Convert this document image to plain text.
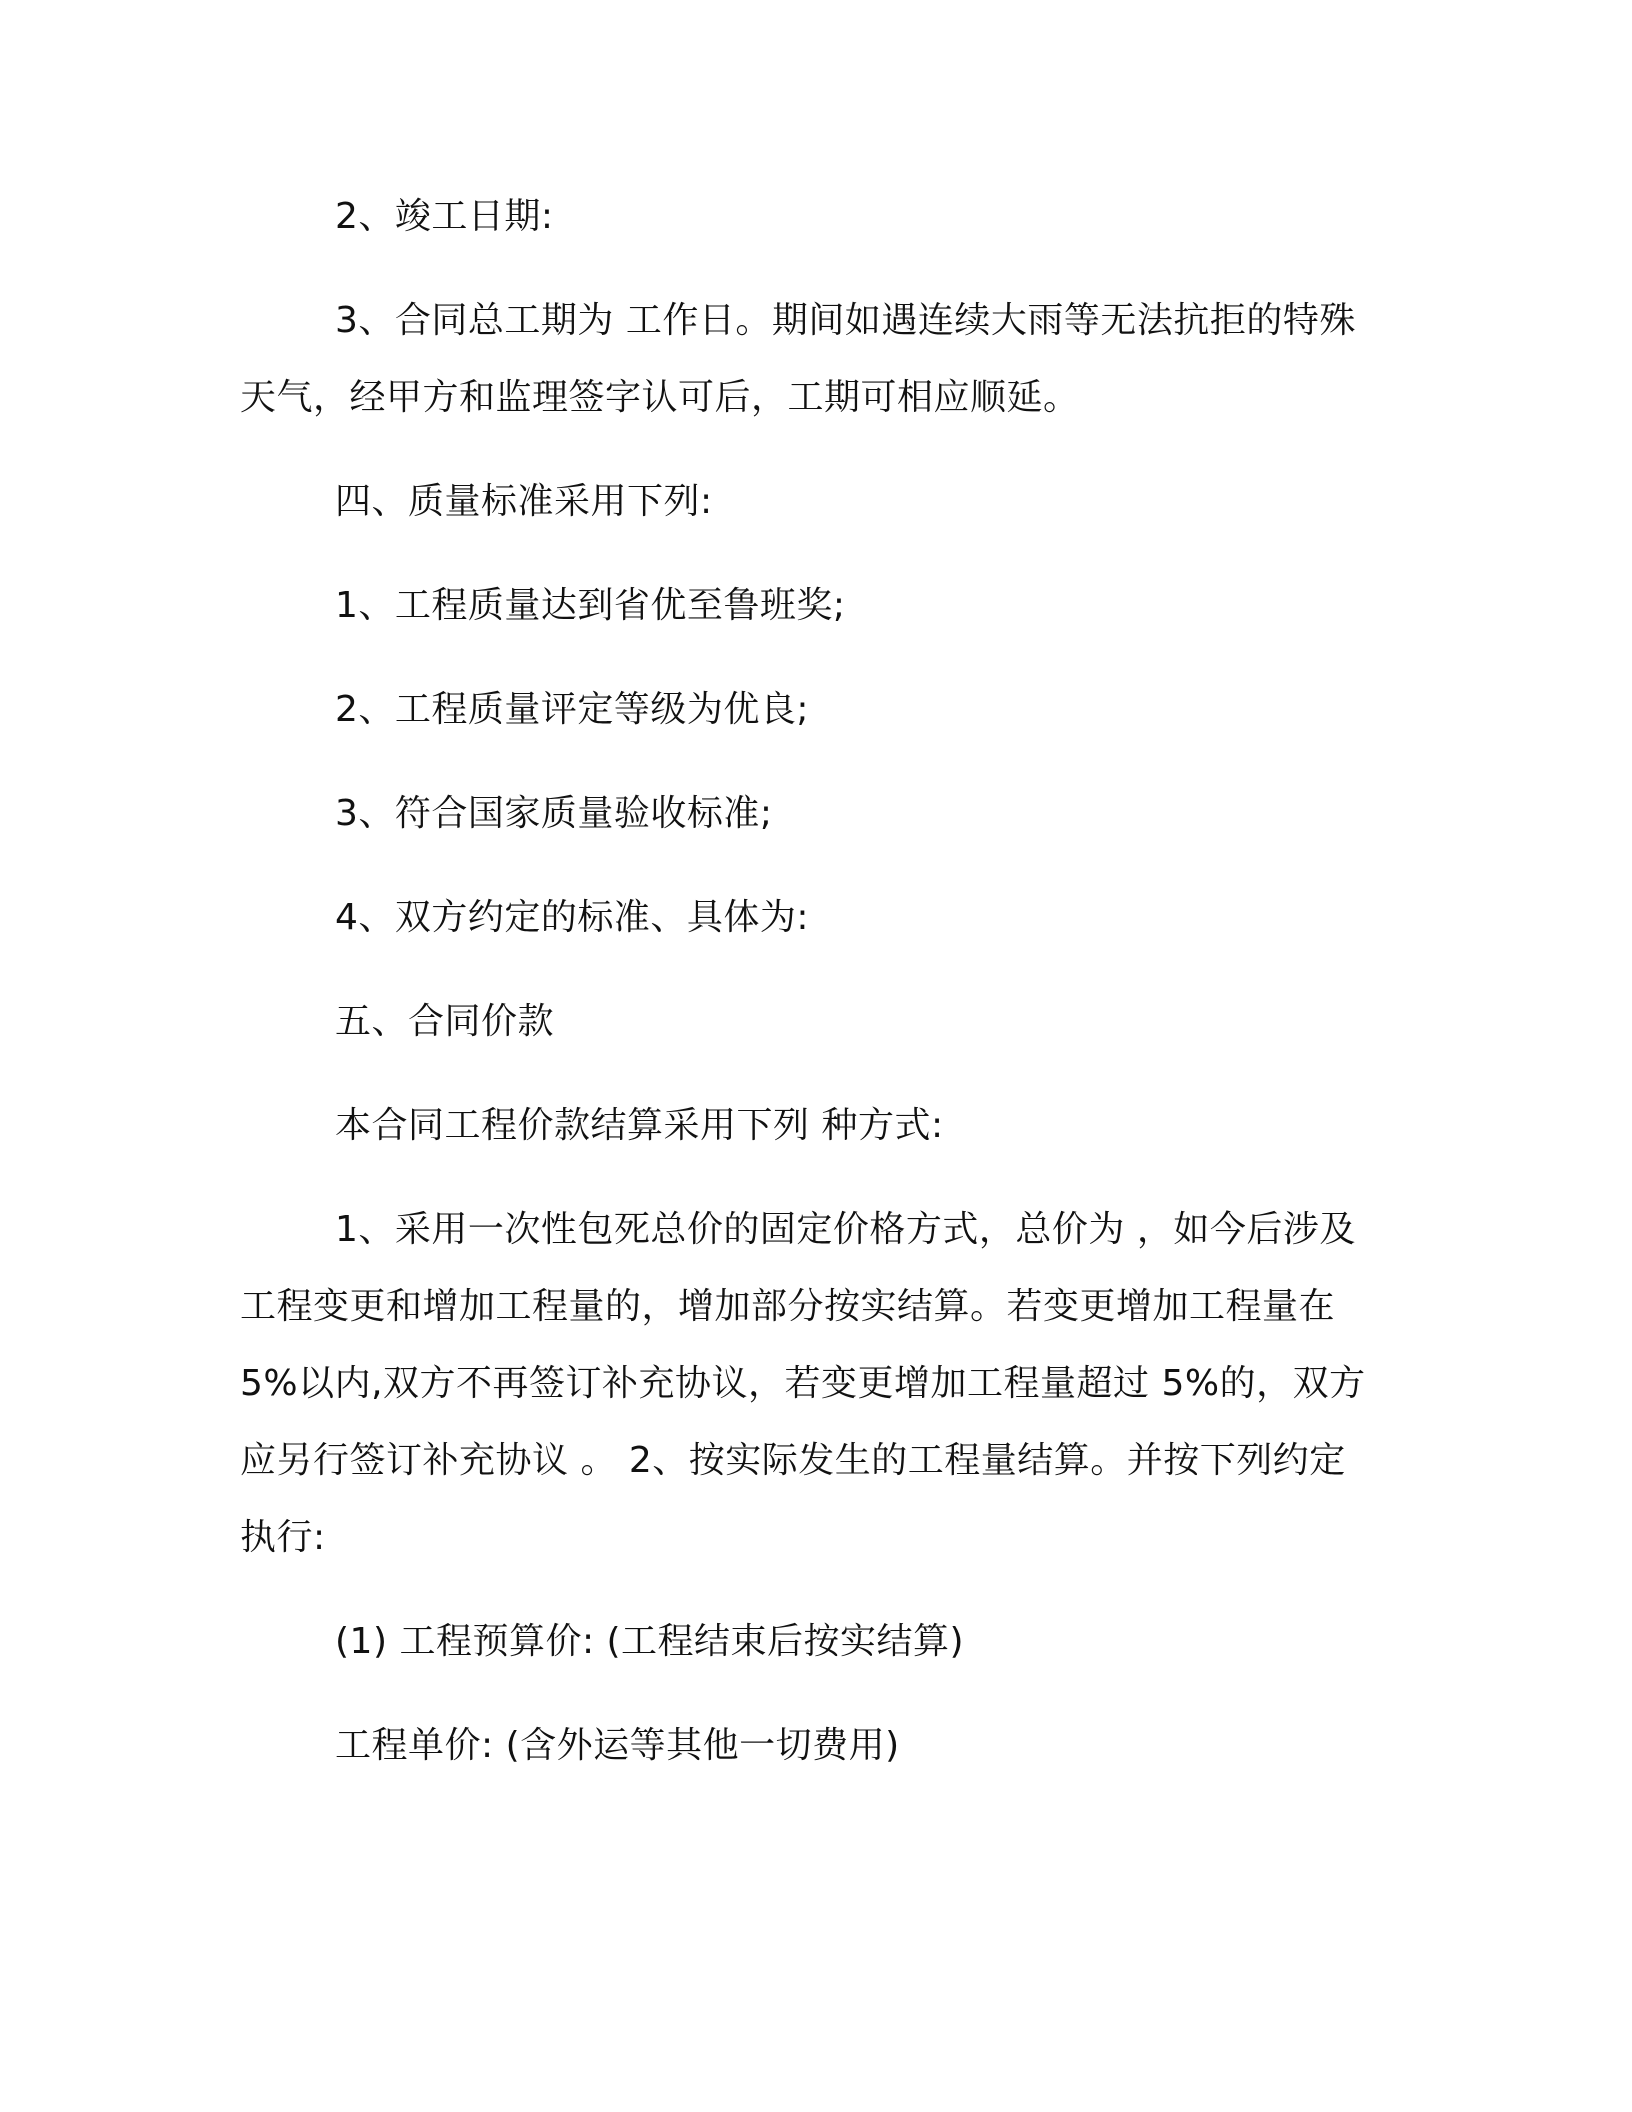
2、竣工日期:

3、合同总工期为 工作日。期间如遇连续大雨等无法抗拒的特殊天气，经甲方和监理签字认可后，工期可相应顺延。

四、质量标准采用下列:

1、工程质量达到省优至鲁班奖;

2、工程质量评定等级为优良;

3、符合国家质量验收标准;

4、双方约定的标准、具体为:

五、合同价款

本合同工程价款结算采用下列 种方式:

1、采用一次性包死总价的固定价格方式，总价为 ，如今后涉及工程变更和增加工程量的，增加部分按实结算。若变更增加工程量在5%以内,双方不再签订补充协议，若变更增加工程量超过 5%的，双方应另行签订补充协议 。 2、按实际发生的工程量结算。并按下列约定执行:

(1) 工程预算价: (工程结束后按实结算)

工程单价: (含外运等其他一切费用)
